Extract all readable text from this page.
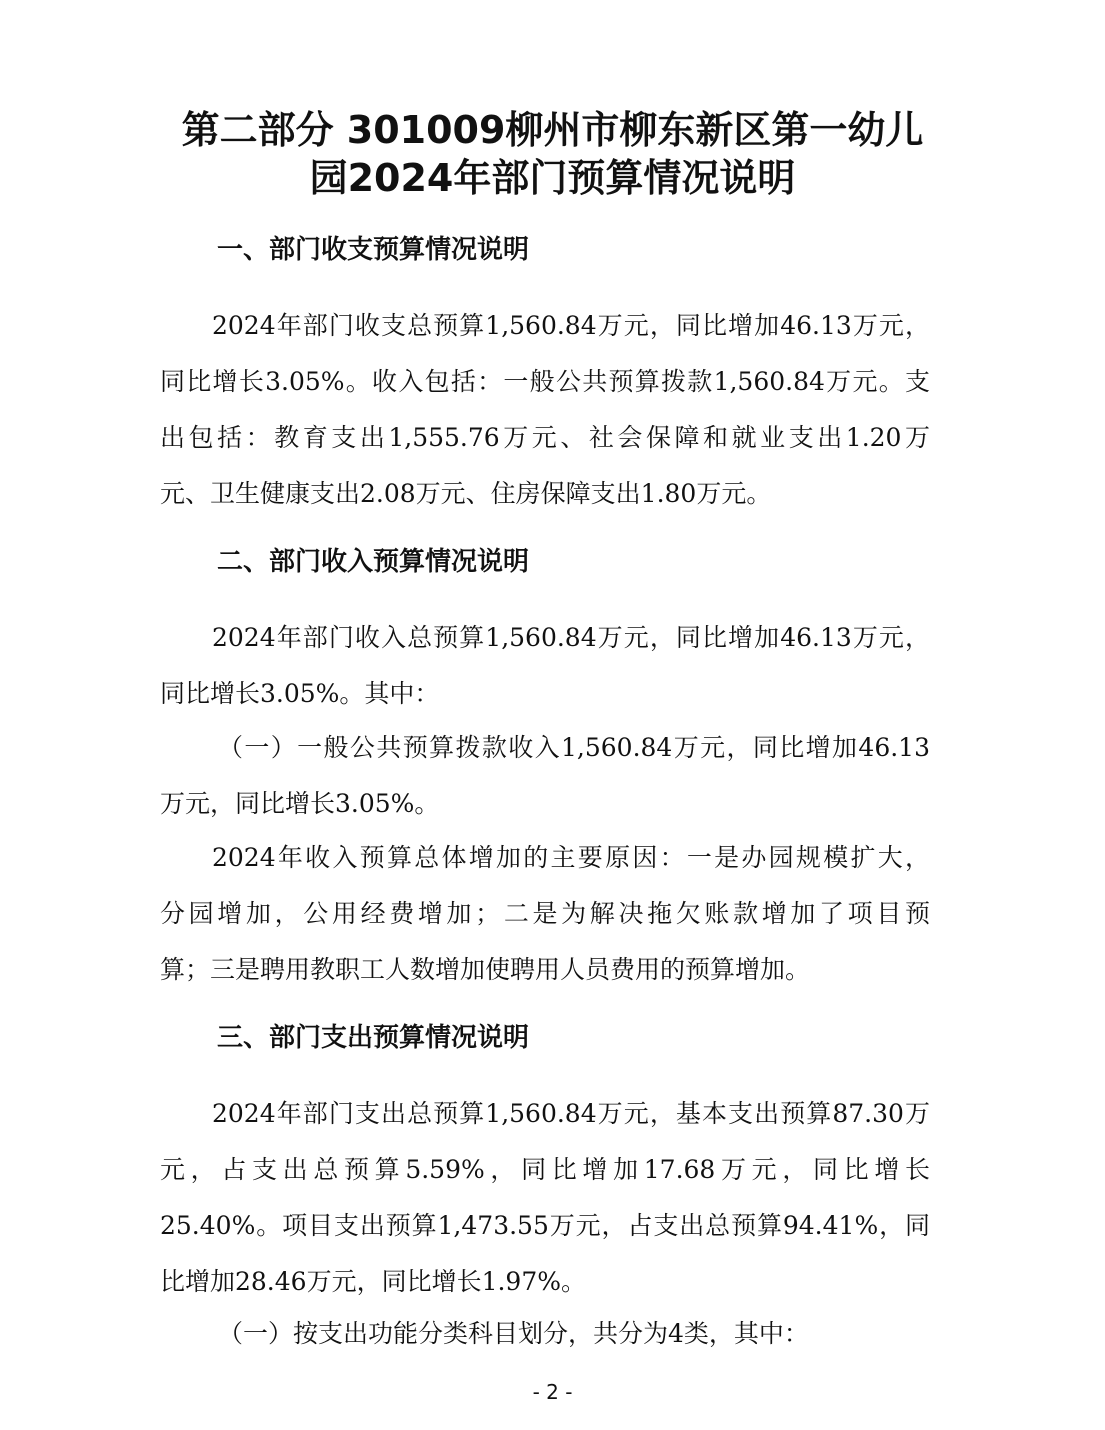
第二部分 301009柳州市柳东新区第一幼儿
园2024年部门预算情况说明
一、部门收支预算情况说明
2024年部门收支总预算1,560.84万元，同比增加46.13万元，
同比增长3.05%。收入包括：一般公共预算拨款1,560.84万元。支
出包括：教育支出1,555.76万元、社会保障和就业支出1.20万
元、卫生健康支出2.08万元、住房保障支出1.80万元。
二、部门收入预算情况说明
2024年部门收入总预算1,560.84万元，同比增加46.13万元，
同比增长3.05%。其中：
（一）一般公共预算拨款收入1,560.84万元，同比增加46.13
万元，同比增长3.05%。
2024年收入预算总体增加的主要原因：一是办园规模扩大，
分园增加，公用经费增加；二是为解决拖欠账款增加了项目预
算；三是聘用教职工人数增加使聘用人员费用的预算增加。
三、部门支出预算情况说明
2024年部门支出总预算1,560.84万元，基本支出预算87.30万
元，占支出总预算5.59%，同比增加17.68万元，同比增长
25.40%。项目支出预算1,473.55万元，占支出总预算94.41%，同
比增加28.46万元，同比增长1.97%。
（一）按支出功能分类科目划分，共分为4类，其中：
- 2 -
